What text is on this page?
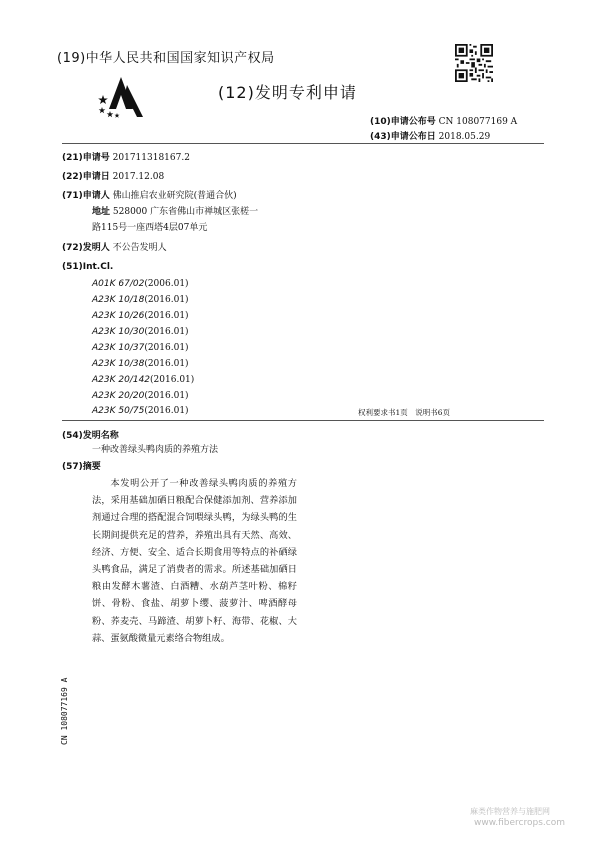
(19)中华人民共和国国家知识产权局
(12)发明专利申请
(10)申请公布号 CN 108077169 A
(43)申请公布日 2018.05.29
(21)申请号 201711318167.2
(22)申请日 2017.12.08
(71)申请人 佛山推启农业研究院(普通合伙)
地址 528000 广东省佛山市禅城区张槎一
路115号一座西塔4层07单元
(72)发明人 不公告发明人
(51)Int.Cl.
A01K 67/02(2006.01)
A23K 10/18(2016.01)
A23K 10/26(2016.01)
A23K 10/30(2016.01)
A23K 10/37(2016.01)
A23K 10/38(2016.01)
A23K 20/142(2016.01)
A23K 20/20(2016.01)
A23K 50/75(2016.01)	权利要求书1页　说明书6页
(54)发明名称
一种改善绿头鸭肉质的养殖方法
(57)摘要
本发明公开了一种改善绿头鸭肉质的养殖方法，采用基础加硒日粮配合保健添加剂、营养添加剂通过合理的搭配混合饲喂绿头鸭，为绿头鸭的生长期间提供充足的营养，养殖出具有天然、高效、经济、方便、安全、适合长期食用等特点的补硒绿头鸭食品，满足了消费者的需求。所述基础加硒日粮由发酵木薯渣、白酒糟、水葫芦茎叶粉、棉籽饼、骨粉、食盐、胡萝卜缨、菠萝汁、啤酒酵母粉、荞麦壳、马蹄渣、胡萝卜籽、海带、花椒、大蒜、蛋氨酸微量元素络合物组成。
CN 108077169 A
麻类作物营养与施肥网
www.fibercrops.com
